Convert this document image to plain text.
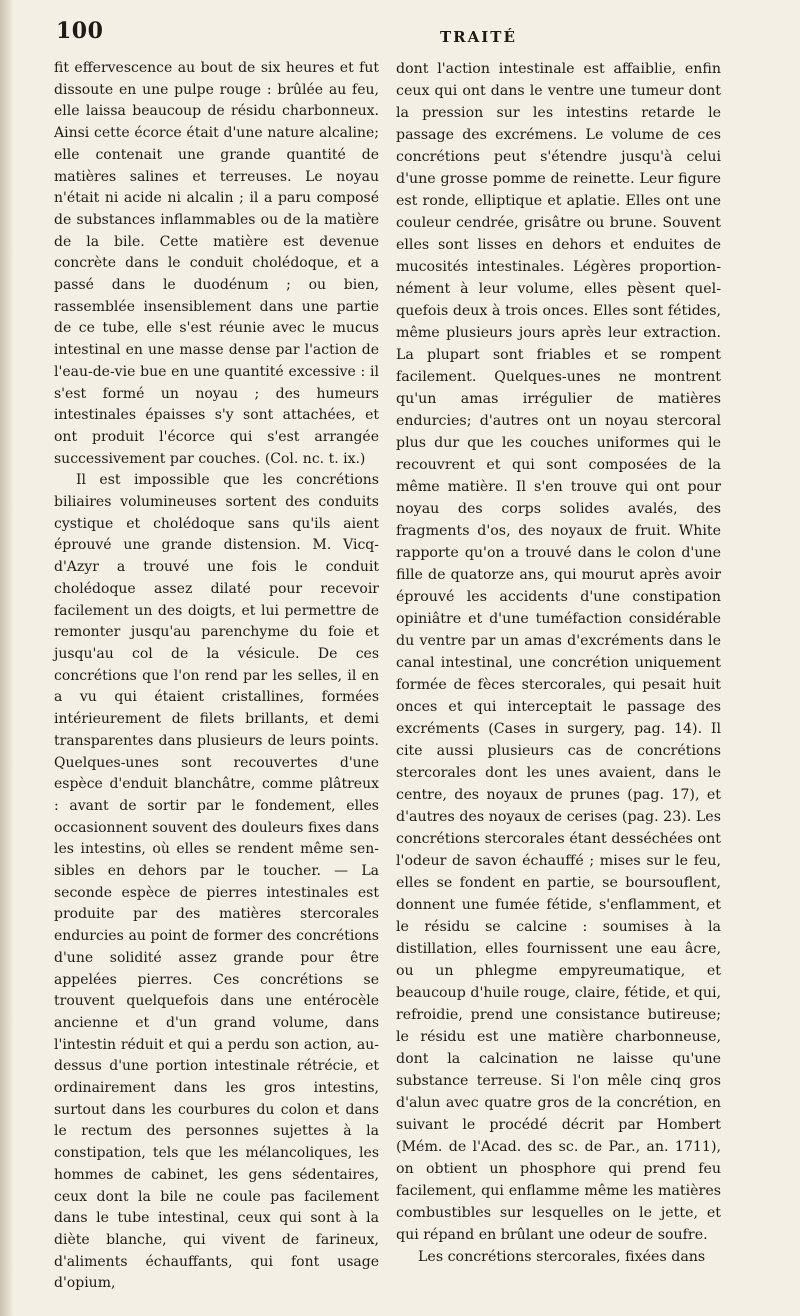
100	TRAITÉ

fit effervescence au bout de six heures et fut dissoute en une pulpe rouge : brûlée au feu, elle laissa beaucoup de résidu charbonneux. Ainsi cette écorce était d'une nature alcaline; elle contenait une grande quantité de matières salines et terreuses. Le noyau n'était ni acide ni alcalin ; il a paru composé de substances inflammables ou de la matière de la bile. Cette matière est devenue concrète dans le conduit cholédoque, et a passé dans le duodénum ; ou bien, rassemblée insensiblement dans une partie de ce tube, elle s'est réunie avec le mucus intestinal en une masse dense par l'action de l'eau-de-vie bue en une quantité excessive : il s'est formé un noyau ; des humeurs intestinales épaisses s'y sont attachées, et ont produit l'écorce qui s'est arrangée successivement par couches. (Col. nc. t. ix.)

Il est impossible que les concrétions biliaires volumineuses sortent des conduits cystique et cholédoque sans qu'ils aient éprouvé une grande distension. M. Vicq-d'Azyr a trouvé une fois le conduit cholédoque assez dilaté pour recevoir facilement un des doigts, et lui permettre de remonter jusqu'au parenchyme du foie et jusqu'au col de la vésicule. De ces concrétions que l'on rend par les selles, il en a vu qui étaient cristallines, formées intérieurement de filets brillants, et demi transparentes dans plusieurs de leurs points. Quelques-unes sont recouvertes d'une espèce d'enduit blanchâtre, comme plâtreux : avant de sortir par le fondement, elles occasionnent souvent des douleurs fixes dans les intestins, où elles se rendent même sensibles en dehors par le toucher. — La seconde espèce de pierres intestinales est produite par des matières stercorales endurcies au point de former des concrétions d'une solidité assez grande pour être appelées pierres. Ces concrétions se trouvent quelquefois dans une entérocèle ancienne et d'un grand volume, dans l'intestin réduit et qui a perdu son action, au-dessus d'une portion intestinale rétrécie, et ordinairement dans les gros intestins, surtout dans les courbures du colon et dans le rectum des personnes sujettes à la constipation, tels que les mélancoliques, les hommes de cabinet, les gens sédentaires, ceux dont la bile ne coule pas facilement dans le tube intestinal, ceux qui sont à la diète blanche, qui vivent de farineux, d'aliments échauffants, qui font usage d'opium,

dont l'action intestinale est affaiblie, enfin ceux qui ont dans le ventre une tumeur dont la pression sur les intestins retarde le passage des excrémens. Le volume de ces concrétions peut s'étendre jusqu'à celui d'une grosse pomme de reinette. Leur figure est ronde, elliptique et aplatie. Elles ont une couleur cendrée, grisâtre ou brune. Souvent elles sont lisses en dehors et enduites de mucosités intestinales. Légères proportionnément à leur volume, elles pèsent quelquefois deux à trois onces. Elles sont fétides, même plusieurs jours après leur extraction. La plupart sont friables et se rompent facilement. Quelques-unes ne montrent qu'un amas irrégulier de matières endurcies; d'autres ont un noyau stercoral plus dur que les couches uniformes qui le recouvrent et qui sont composées de la même matière. Il s'en trouve qui ont pour noyau des corps solides avalés, des fragments d'os, des noyaux de fruit. White rapporte qu'on a trouvé dans le colon d'une fille de quatorze ans, qui mourut après avoir éprouvé les accidents d'une constipation opiniâtre et d'une tuméfaction considérable du ventre par un amas d'excréments dans le canal intestinal, une concrétion uniquement formée de fèces stercorales, qui pesait huit onces et qui interceptait le passage des excréments (Cases in surgery, pag. 14). Il cite aussi plusieurs cas de concrétions stercorales dont les unes avaient, dans le centre, des noyaux de prunes (pag. 17), et d'autres des noyaux de cerises (pag. 23). Les concrétions stercorales étant desséchées ont l'odeur de savon échauffé ; mises sur le feu, elles se fondent en partie, se boursouflent, donnent une fumée fétide, s'enflamment, et le résidu se calcine : soumises à la distillation, elles fournissent une eau âcre, ou un phlegme empyreumatique, et beaucoup d'huile rouge, claire, fétide, et qui, refroidie, prend une consistance butireuse; le résidu est une matière charbonneuse, dont la calcination ne laisse qu'une substance terreuse. Si l'on mêle cinq gros d'alun avec quatre gros de la concrétion, en suivant le procédé décrit par Hombert (Mém. de l'Acad. des sc. de Par., an. 1711), on obtient un phosphore qui prend feu facilement, qui enflamme même les matières combustibles sur lesquelles on le jette, et qui répand en brûlant une odeur de soufre.

Les concrétions stercorales, fixées dans
